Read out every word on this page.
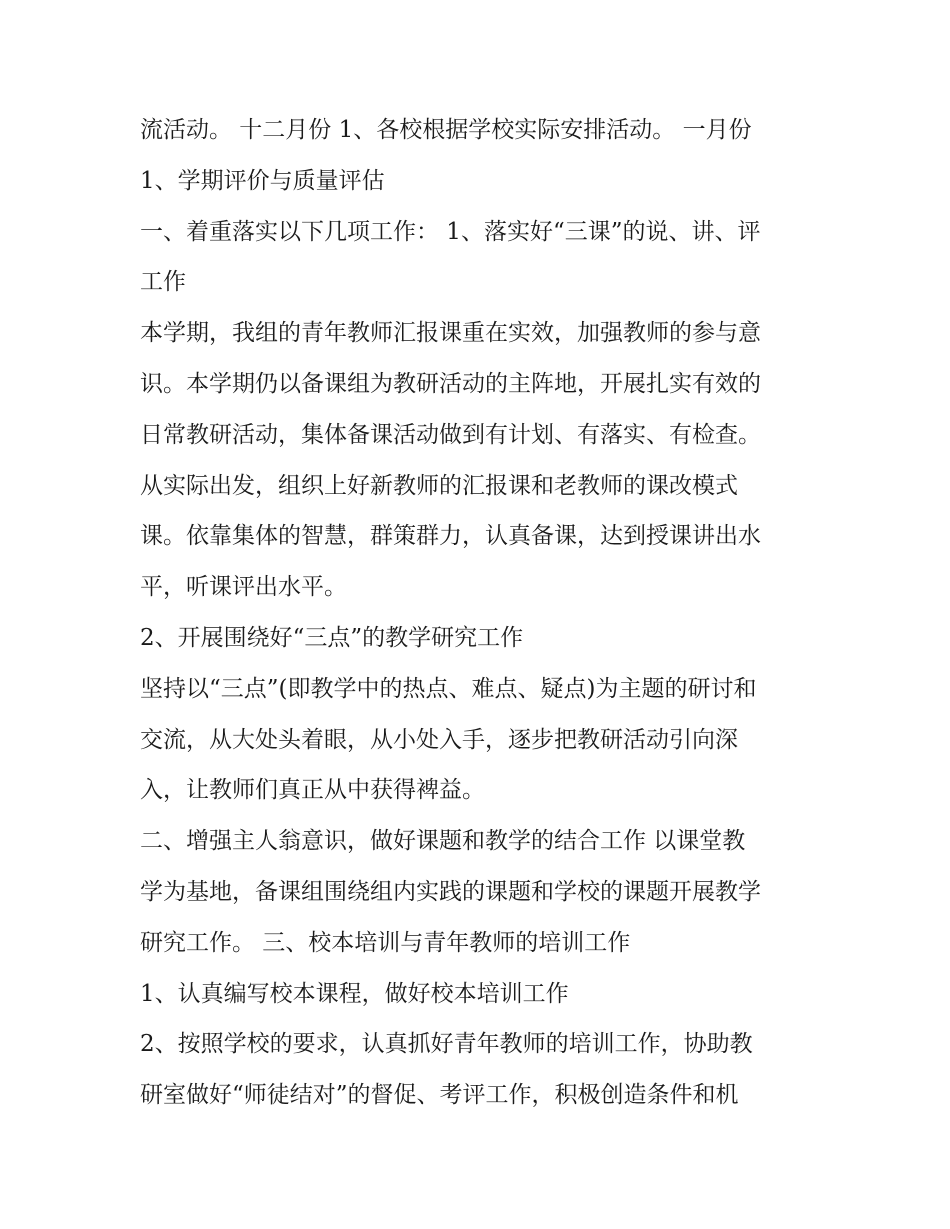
流活动。 十二月份 1、各校根据学校实际安排活动。 一月份
1、学期评价与质量评估
一、着重落实以下几项工作： 1、落实好“三课”的说、讲、评
工作
本学期，我组的青年教师汇报课重在实效，加强教师的参与意
识。本学期仍以备课组为教研活动的主阵地，开展扎实有效的
日常教研活动，集体备课活动做到有计划、有落实、有检查。
从实际出发，组织上好新教师的汇报课和老教师的课改模式
课。依靠集体的智慧，群策群力，认真备课，达到授课讲出水
平，听课评出水平。
2、开展围绕好“三点”的教学研究工作
坚持以“三点”(即教学中的热点、难点、疑点)为主题的研讨和
交流，从大处头着眼，从小处入手，逐步把教研活动引向深
入，让教师们真正从中获得裨益。
二、增强主人翁意识，做好课题和教学的结合工作 以课堂教
学为基地，备课组围绕组内实践的课题和学校的课题开展教学
研究工作。 三、校本培训与青年教师的培训工作
1、认真编写校本课程，做好校本培训工作
2、按照学校的要求，认真抓好青年教师的培训工作，协助教
研室做好“师徒结对”的督促、考评工作，积极创造条件和机
